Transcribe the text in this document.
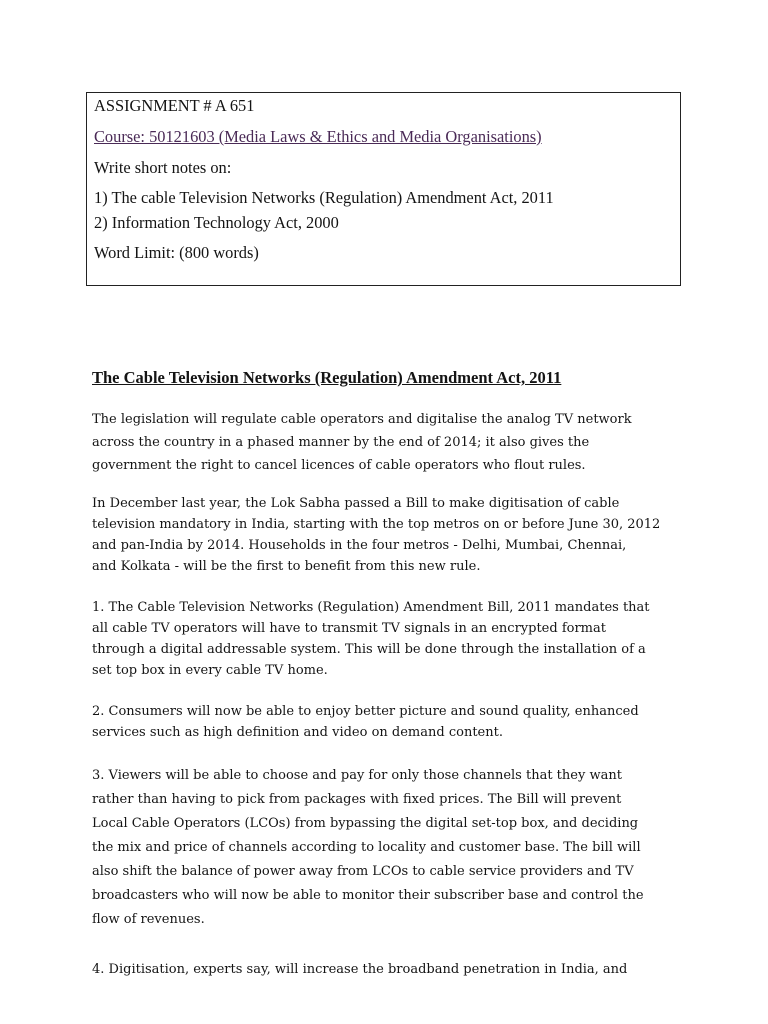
ASSIGNMENT # A 651

Course: 50121603 (Media Laws & Ethics and Media Organisations)

Write short notes on:

1) The cable Television Networks (Regulation) Amendment Act, 2011
2) Information Technology Act, 2000

Word Limit: (800 words)

The Cable Television Networks (Regulation) Amendment Act, 2011

The legislation will regulate cable operators and digitalise the analog TV network
across the country in a phased manner by the end of 2014; it also gives the
government the right to cancel licences of cable operators who flout rules.

In December last year, the Lok Sabha passed a Bill to make digitisation of cable
television mandatory in India, starting with the top metros on or before June 30, 2012
and pan-India by 2014. Households in the four metros - Delhi, Mumbai, Chennai,
and Kolkata - will be the first to benefit from this new rule.

1. The Cable Television Networks (Regulation) Amendment Bill, 2011 mandates that
all cable TV operators will have to transmit TV signals in an encrypted format
through a digital addressable system. This will be done through the installation of a
set top box in every cable TV home.

2. Consumers will now be able to enjoy better picture and sound quality, enhanced
services such as high definition and video on demand content.

3. Viewers will be able to choose and pay for only those channels that they want
rather than having to pick from packages with fixed prices. The Bill will prevent
Local Cable Operators (LCOs) from bypassing the digital set-top box, and deciding
the mix and price of channels according to locality and customer base. The bill will
also shift the balance of power away from LCOs to cable service providers and TV
broadcasters who will now be able to monitor their subscriber base and control the
flow of revenues.

4. Digitisation, experts say, will increase the broadband penetration in India, and
